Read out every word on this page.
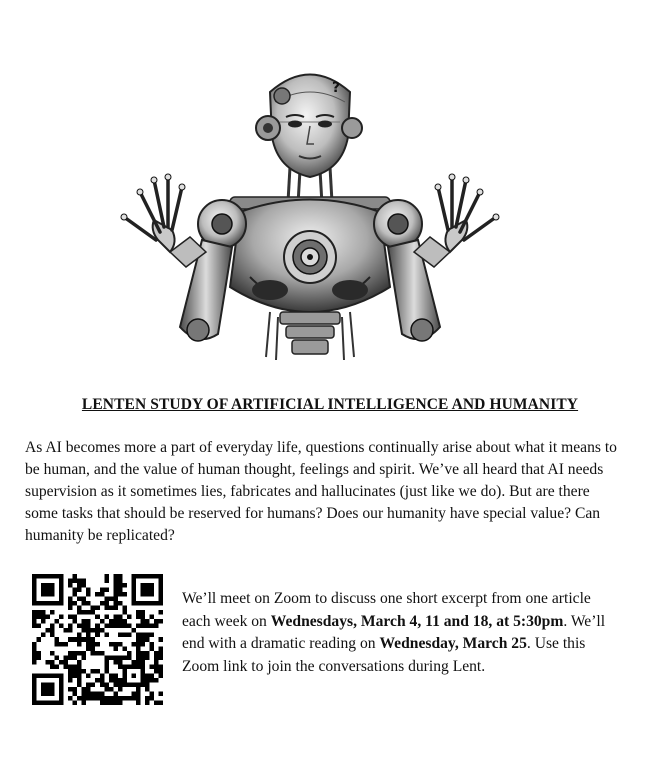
?
LENTEN STUDY OF ARTIFICIAL INTELLIGENCE AND HUMANITY

As AI becomes more a part of everyday life, questions continually arise about what it means to be human, and the value of human thought, feelings and spirit. We’ve all heard that AI needs supervision as it sometimes lies, fabricates and hallucinates (just like we do). But are there some tasks that should be reserved for humans? Does our humanity have special value? Can humanity be replicated?

We’ll meet on Zoom to discuss one short excerpt from one article each week on Wednesdays, March 4, 11 and 18, at 5:30pm. We’ll end with a dramatic reading on Wednesday, March 25. Use this Zoom link to join the conversations during Lent.
